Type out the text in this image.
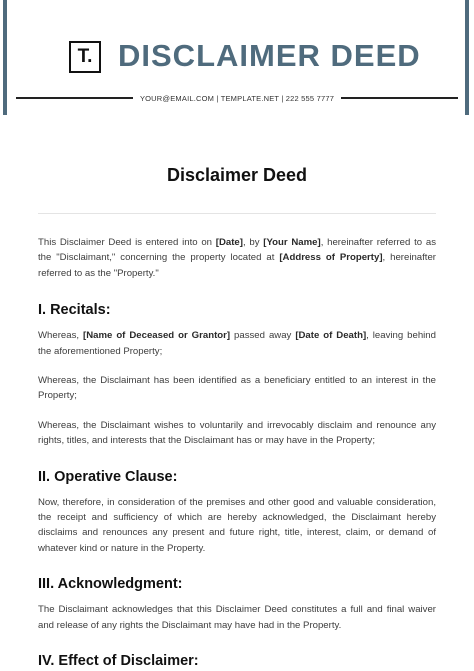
T. DISCLAIMER DEED
YOUR@EMAIL.COM | TEMPLATE.NET | 222 555 7777
Disclaimer Deed

This Disclaimer Deed is entered into on [Date], by [Your Name], hereinafter referred to as the "Disclaimant," concerning the property located at [Address of Property], hereinafter referred to as the "Property."

I. Recitals:

Whereas, [Name of Deceased or Grantor] passed away [Date of Death], leaving behind the aforementioned Property;

Whereas, the Disclaimant has been identified as a beneficiary entitled to an interest in the Property;

Whereas, the Disclaimant wishes to voluntarily and irrevocably disclaim and renounce any rights, titles, and interests that the Disclaimant has or may have in the Property;

II. Operative Clause:

Now, therefore, in consideration of the premises and other good and valuable consideration, the receipt and sufficiency of which are hereby acknowledged, the Disclaimant hereby disclaims and renounces any present and future right, title, interest, claim, or demand of whatever kind or nature in the Property.

III. Acknowledgment:

The Disclaimant acknowledges that this Disclaimer Deed constitutes a full and final waiver and release of any rights the Disclaimant may have had in the Property.

IV. Effect of Disclaimer:
